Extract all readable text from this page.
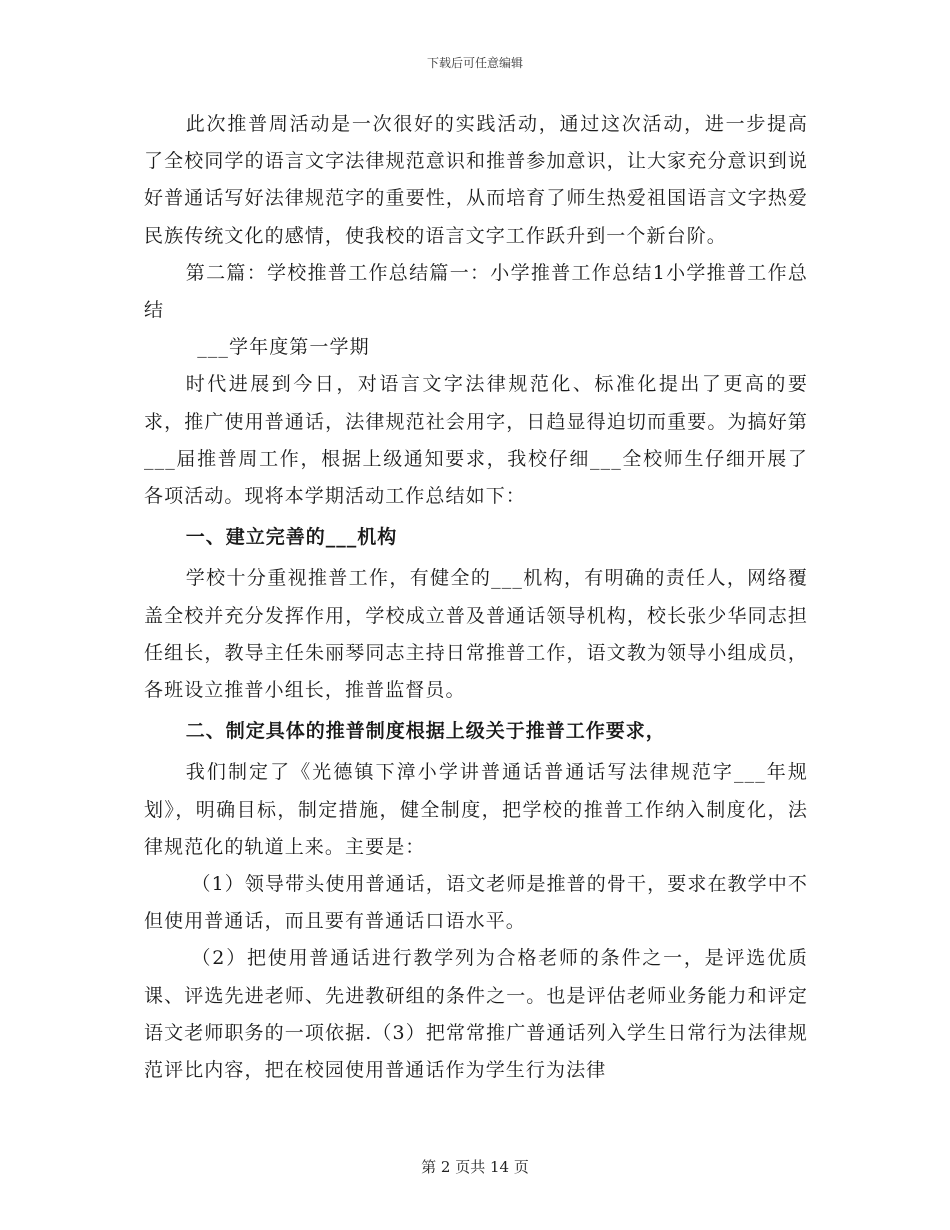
下载后可任意编辑

此次推普周活动是一次很好的实践活动，通过这次活动，进一步提高了全校同学的语言文字法律规范意识和推普参加意识，让大家充分意识到说好普通话写好法律规范字的重要性，从而培育了师生热爱祖国语言文字热爱民族传统文化的感情，使我校的语言文字工作跃升到一个新台阶。

第二篇：学校推普工作总结篇一：小学推普工作总结1小学推普工作总结

___学年度第一学期

时代进展到今日，对语言文字法律规范化、标准化提出了更高的要求，推广使用普通话，法律规范社会用字，日趋显得迫切而重要。为搞好第___届推普周工作，根据上级通知要求，我校仔细___全校师生仔细开展了各项活动。现将本学期活动工作总结如下：

一、建立完善的___机构

学校十分重视推普工作，有健全的___机构，有明确的责任人，网络覆盖全校并充分发挥作用，学校成立普及普通话领导机构，校长张少华同志担任组长，教导主任朱丽琴同志主持日常推普工作，语文教为领导小组成员，各班设立推普小组长，推普监督员。

二、制定具体的推普制度根据上级关于推普工作要求，

我们制定了《光德镇下漳小学讲普通话普通话写法律规范字___年规划》，明确目标，制定措施，健全制度，把学校的推普工作纳入制度化，法律规范化的轨道上来。主要是：

（1）领导带头使用普通话，语文老师是推普的骨干，要求在教学中不但使用普通话，而且要有普通话口语水平。

（2）把使用普通话进行教学列为合格老师的条件之一，是评选优质课、评选先进老师、先进教研组的条件之一。也是评估老师业务能力和评定语文老师职务的一项依据.（3）把常常推广普通话列入学生日常行为法律规范评比内容，把在校园使用普通话作为学生行为法律

第 2 页共 14 页
